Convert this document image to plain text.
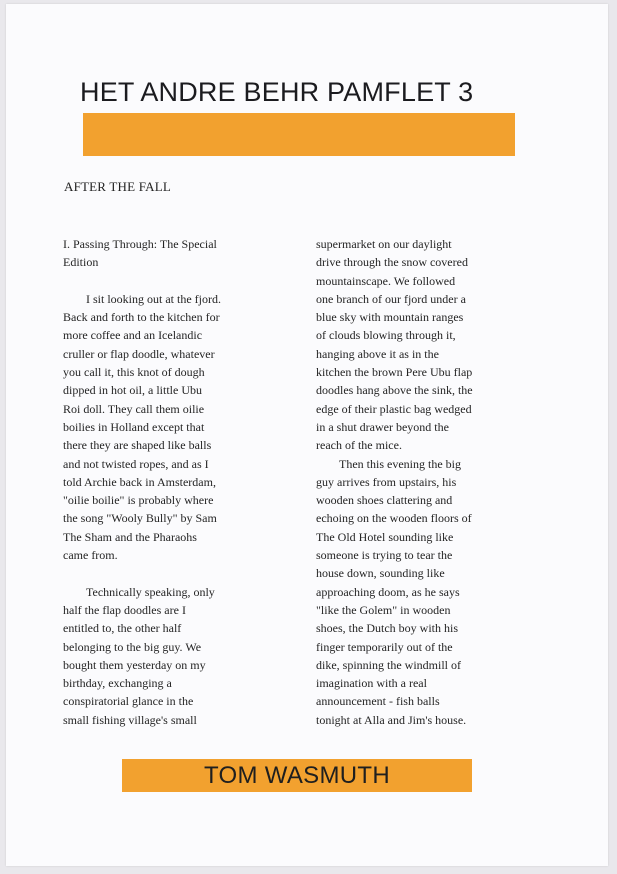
HET ANDRE BEHR PAMFLET 3
AFTER THE FALL
I. Passing Through: The Special
Edition
I sit looking out at the fjord.
Back and forth to the kitchen for
more coffee and an Icelandic
cruller or flap doodle, whatever
you call it, this knot of dough
dipped in hot oil, a little Ubu
Roi doll. They call them oilie
boilies in Holland except that
there they are shaped like balls
and not twisted ropes, and as I
told Archie back in Amsterdam,
"oilie boilie" is probably where
the song "Wooly Bully" by Sam
The Sham and the Pharaohs
came from.
Technically speaking, only
half the flap doodles are I
entitled to, the other half
belonging to the big guy. We
bought them yesterday on my
birthday, exchanging a
conspiratorial glance in the
small fishing village's small
supermarket on our daylight
drive through the snow covered
mountainscape. We followed
one branch of our fjord under a
blue sky with mountain ranges
of clouds blowing through it,
hanging above it as in the
kitchen the brown Pere Ubu flap
doodles hang above the sink, the
edge of their plastic bag wedged
in a shut drawer beyond the
reach of the mice.
Then this evening the big
guy arrives from upstairs, his
wooden shoes clattering and
echoing on the wooden floors of
The Old Hotel sounding like
someone is trying to tear the
house down, sounding like
approaching doom, as he says
"like the Golem" in wooden
shoes, the Dutch boy with his
finger temporarily out of the
dike, spinning the windmill of
imagination with a real
announcement - fish balls
tonight at Alla and Jim's house.
TOM WASMUTH
